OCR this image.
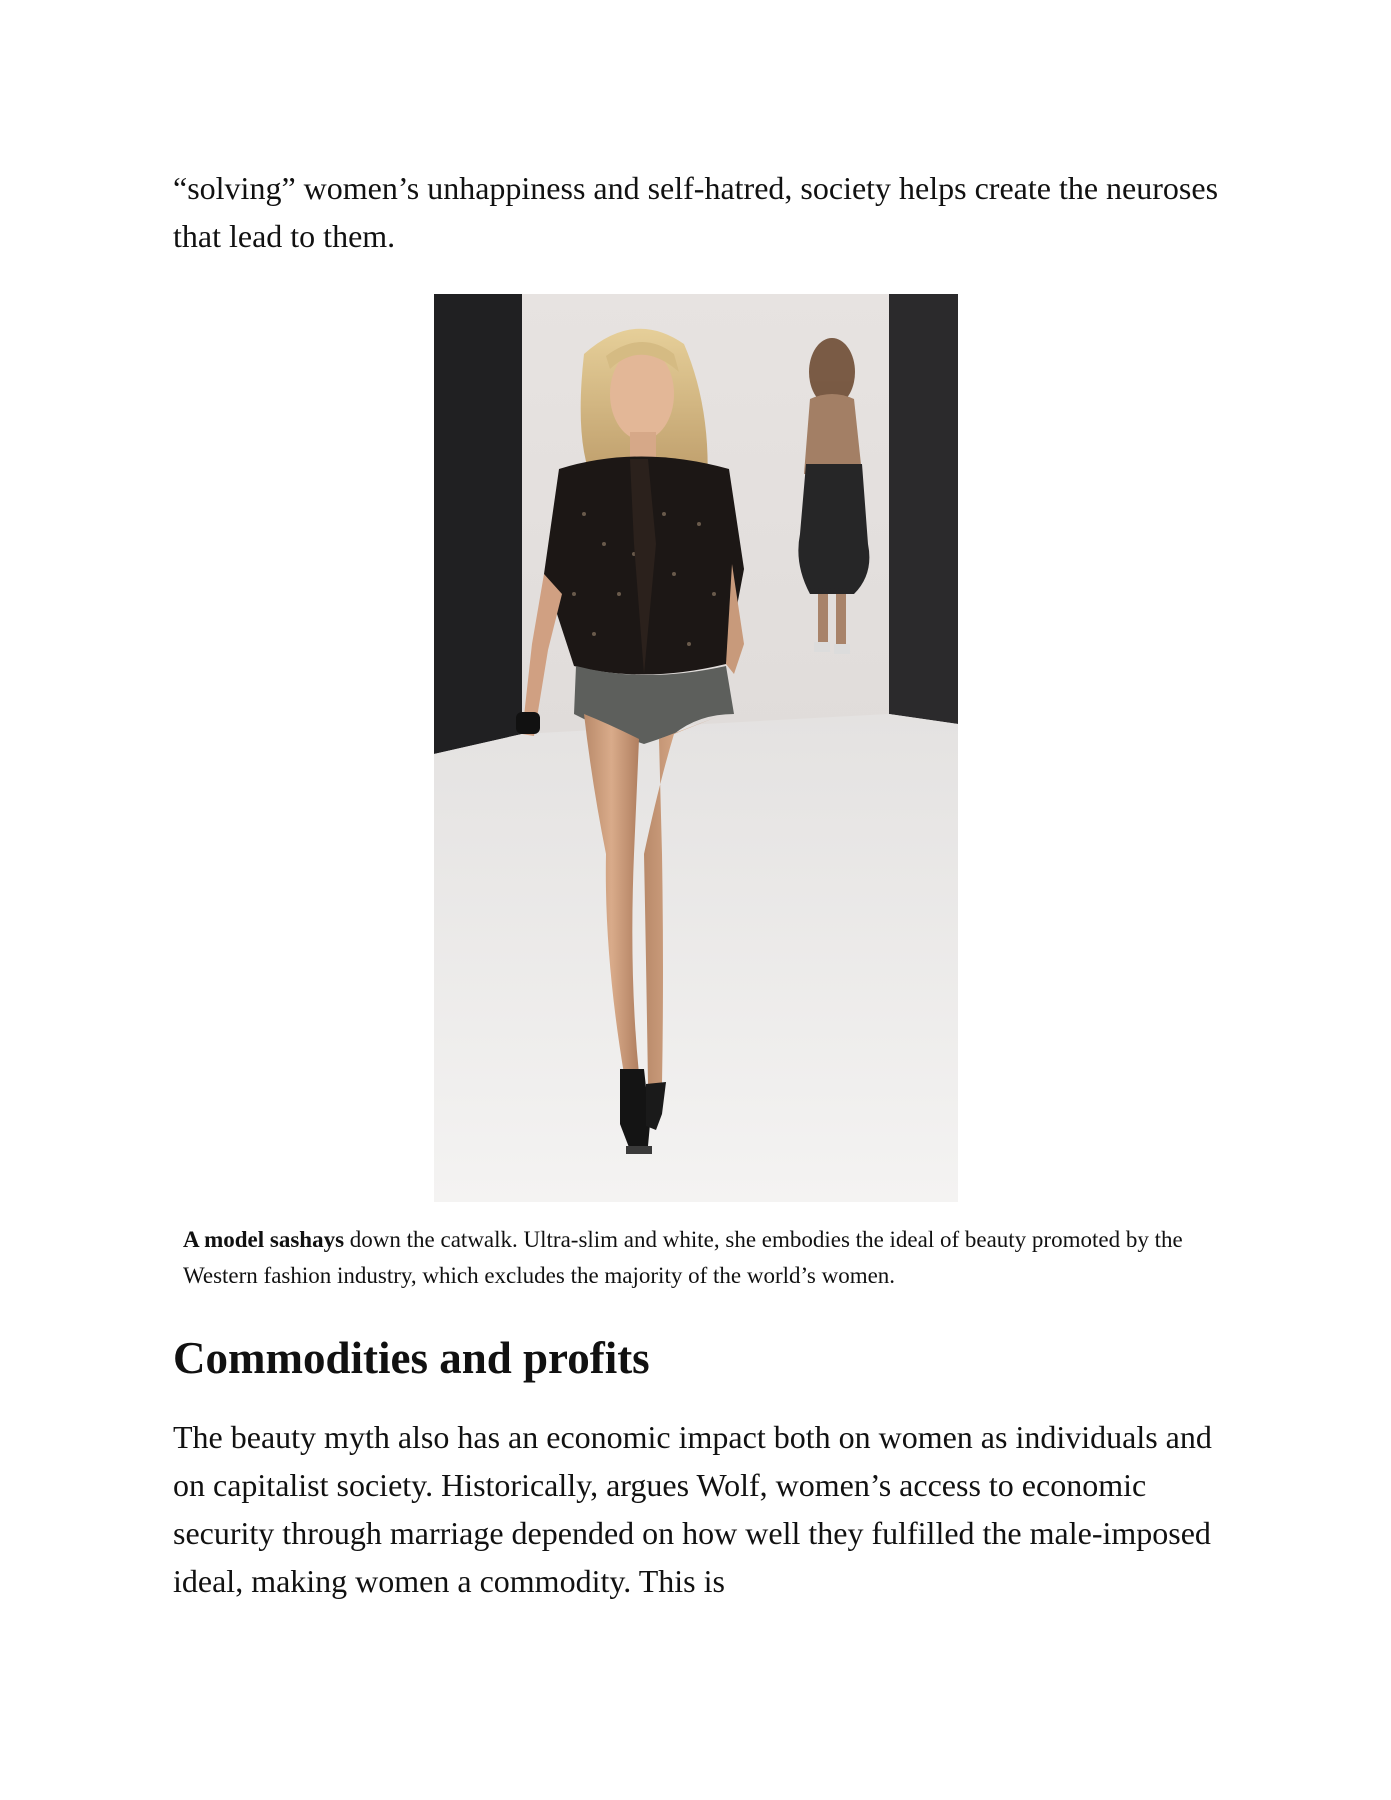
“solving” women’s unhappiness and self-hatred, society helps create the neuroses that lead to them.

A model sashays down the catwalk. Ultra-slim and white, she embodies the ideal of beauty promoted by the Western fashion industry, which excludes the majority of the world’s women.

Commodities and profits

The beauty myth also has an economic impact both on women as individuals and on capitalist society. Historically, argues Wolf, women’s access to economic security through marriage depended on how well they fulfilled the male-imposed ideal, making women a commodity. This is
